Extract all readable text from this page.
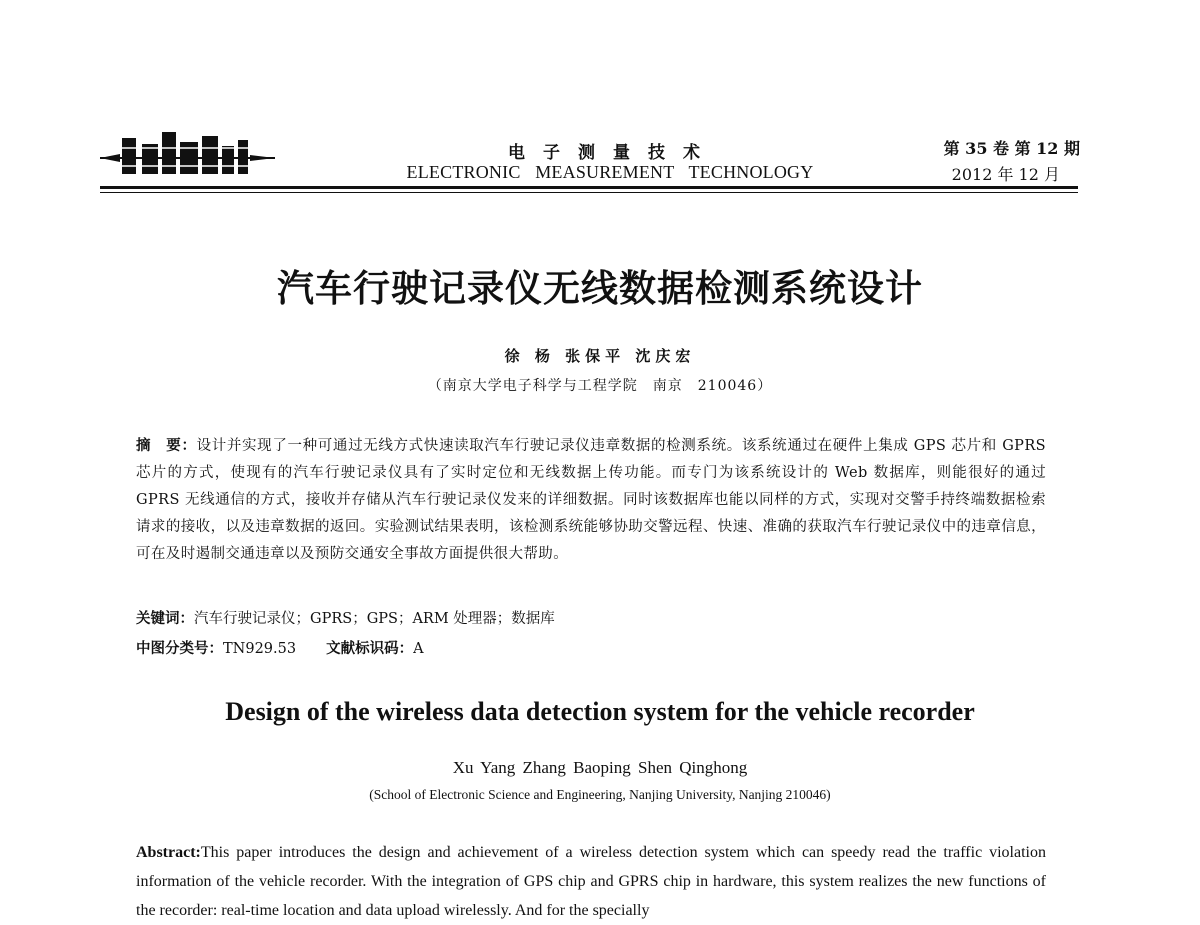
电子测量技术
ELECTRONIC MEASUREMENT TECHNOLOGY
第 35 卷 第 12 期
2012 年 12 月
汽车行驶记录仪无线数据检测系统设计
徐 杨 张保平 沈庆宏
（南京大学电子科学与工程学院　南京　210046）
摘　要：设计并实现了一种可通过无线方式快速读取汽车行驶记录仪违章数据的检测系统。该系统通过在硬件上集成 GPS 芯片和 GPRS 芯片的方式，使现有的汽车行驶记录仪具有了实时定位和无线数据上传功能。而专门为该系统设计的 Web 数据库，则能很好的通过 GPRS 无线通信的方式，接收并存储从汽车行驶记录仪发来的详细数据。同时该数据库也能以同样的方式，实现对交警手持终端数据检索请求的接收，以及违章数据的返回。实验测试结果表明，该检测系统能够协助交警远程、快速、准确的获取汽车行驶记录仪中的违章信息，可在及时遏制交通违章以及预防交通安全事故方面提供很大帮助。
关键词：汽车行驶记录仪；GPRS；GPS；ARM 处理器；数据库
中图分类号：TN929.53 文献标识码：A
Design of the wireless data detection system for the vehicle recorder
Xu Yang Zhang Baoping Shen Qinghong
(School of Electronic Science and Engineering, Nanjing University, Nanjing 210046)
Abstract:This paper introduces the design and achievement of a wireless detection system which can speedy read the traffic violation information of the vehicle recorder. With the integration of GPS chip and GPRS chip in hardware, this system realizes the new functions of the recorder: real-time location and data upload wirelessly. And for the specially
